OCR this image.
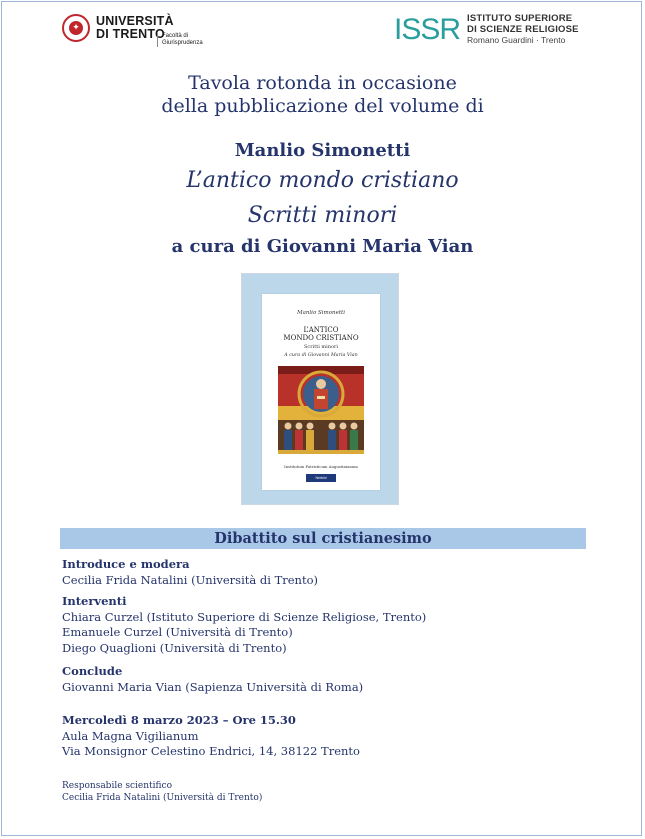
✦ UNIVERSITÀ
DI TRENTO
Facoltà di
Giurisprudenza	ISSR ISTITUTO SUPERIORE
DI SCIENZE RELIGIOSE
Romano Guardini · Trento
Tavola rotonda in occasione
della pubblicazione del volume di
Manlio Simonetti
L’antico mondo cristiano
Scritti minori
a cura di Giovanni Maria Vian
Manlio Simonetti
L’ANTICO
MONDO CRISTIANO
Scritti minori
A cura di Giovanni Maria Vian
Institutum Patristicum Augustinianum
Nerbini INTERNATIONAL
Dibattito sul cristianesimo
Introduce e modera
Cecilia Frida Natalini (Università di Trento)
Interventi
Chiara Curzel (Istituto Superiore di Scienze Religiose, Trento)
Emanuele Curzel (Università di Trento)
Diego Quaglioni (Università di Trento)
Conclude
Giovanni Maria Vian (Sapienza Università di Roma)
Mercoledì 8 marzo 2023 – Ore 15.30
Aula Magna Vigilianum
Via Monsignor Celestino Endrici, 14, 38122 Trento
Responsabile scientifico
Cecilia Frida Natalini (Università di Trento)
